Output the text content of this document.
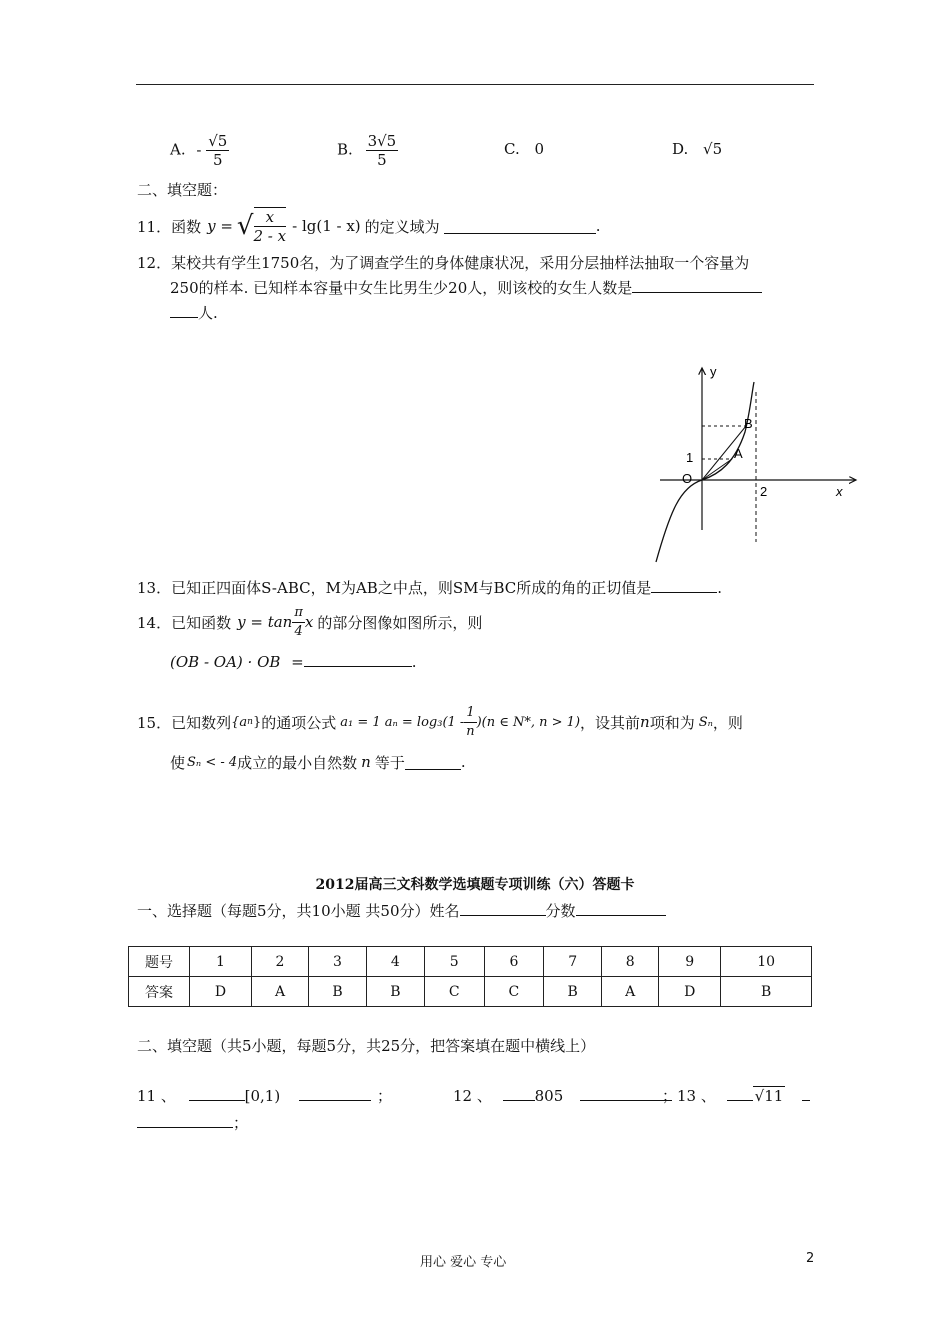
A. - $\frac{√5}{5}$	B. $\frac{3√5}{5}$	C. 0	D. √5
二、填空题：
11． 函数 y = √ $\frac{x}{2 - x} - \lg(1 - x)$ 的定义域为	.
12．某校共有学生1750名，为了调查学生的身体健康状况，采用分层抽样法抽取一个容量为
250的样本. 已知样本容量中女生比男生少20人，则该校的女生人数是
人.
y
x
O
1
2
A
B
13．已知正四面体S-ABC，M为AB之中点，则SM与BC所成的角的正切值是	.
14． 已知函数 $y = \tan \frac{\pi}{4}$ x 的部分图像如图所示，则
(OB - OA) · OB =	.
15． 已知数列 {a n } 的通项公式 a₁ = 1 $a_n = \log_3(1 - \frac{1}{n} )(n$ ∈ N*, n > 1) ，设其前 n 项和为 Sₙ ，则
使 Sₙ < - 4 成立的最小自然数 n 等于	.
2012届高三文科数学选填题专项训练（六）答题卡
一、选择题（每题5分，共10小题 共50分）姓名	分数
题号	1	2	3	4	5	6	7	8	9	10
答案	D	A	B	B	C	C	B	A	D	B
二、填空题（共5小题，每题5分，共25分，把答案填在题中横线上）
11 、	[0,1)	；	12 、	805	；13 、	√11
；
用心 爱心 专心	2
